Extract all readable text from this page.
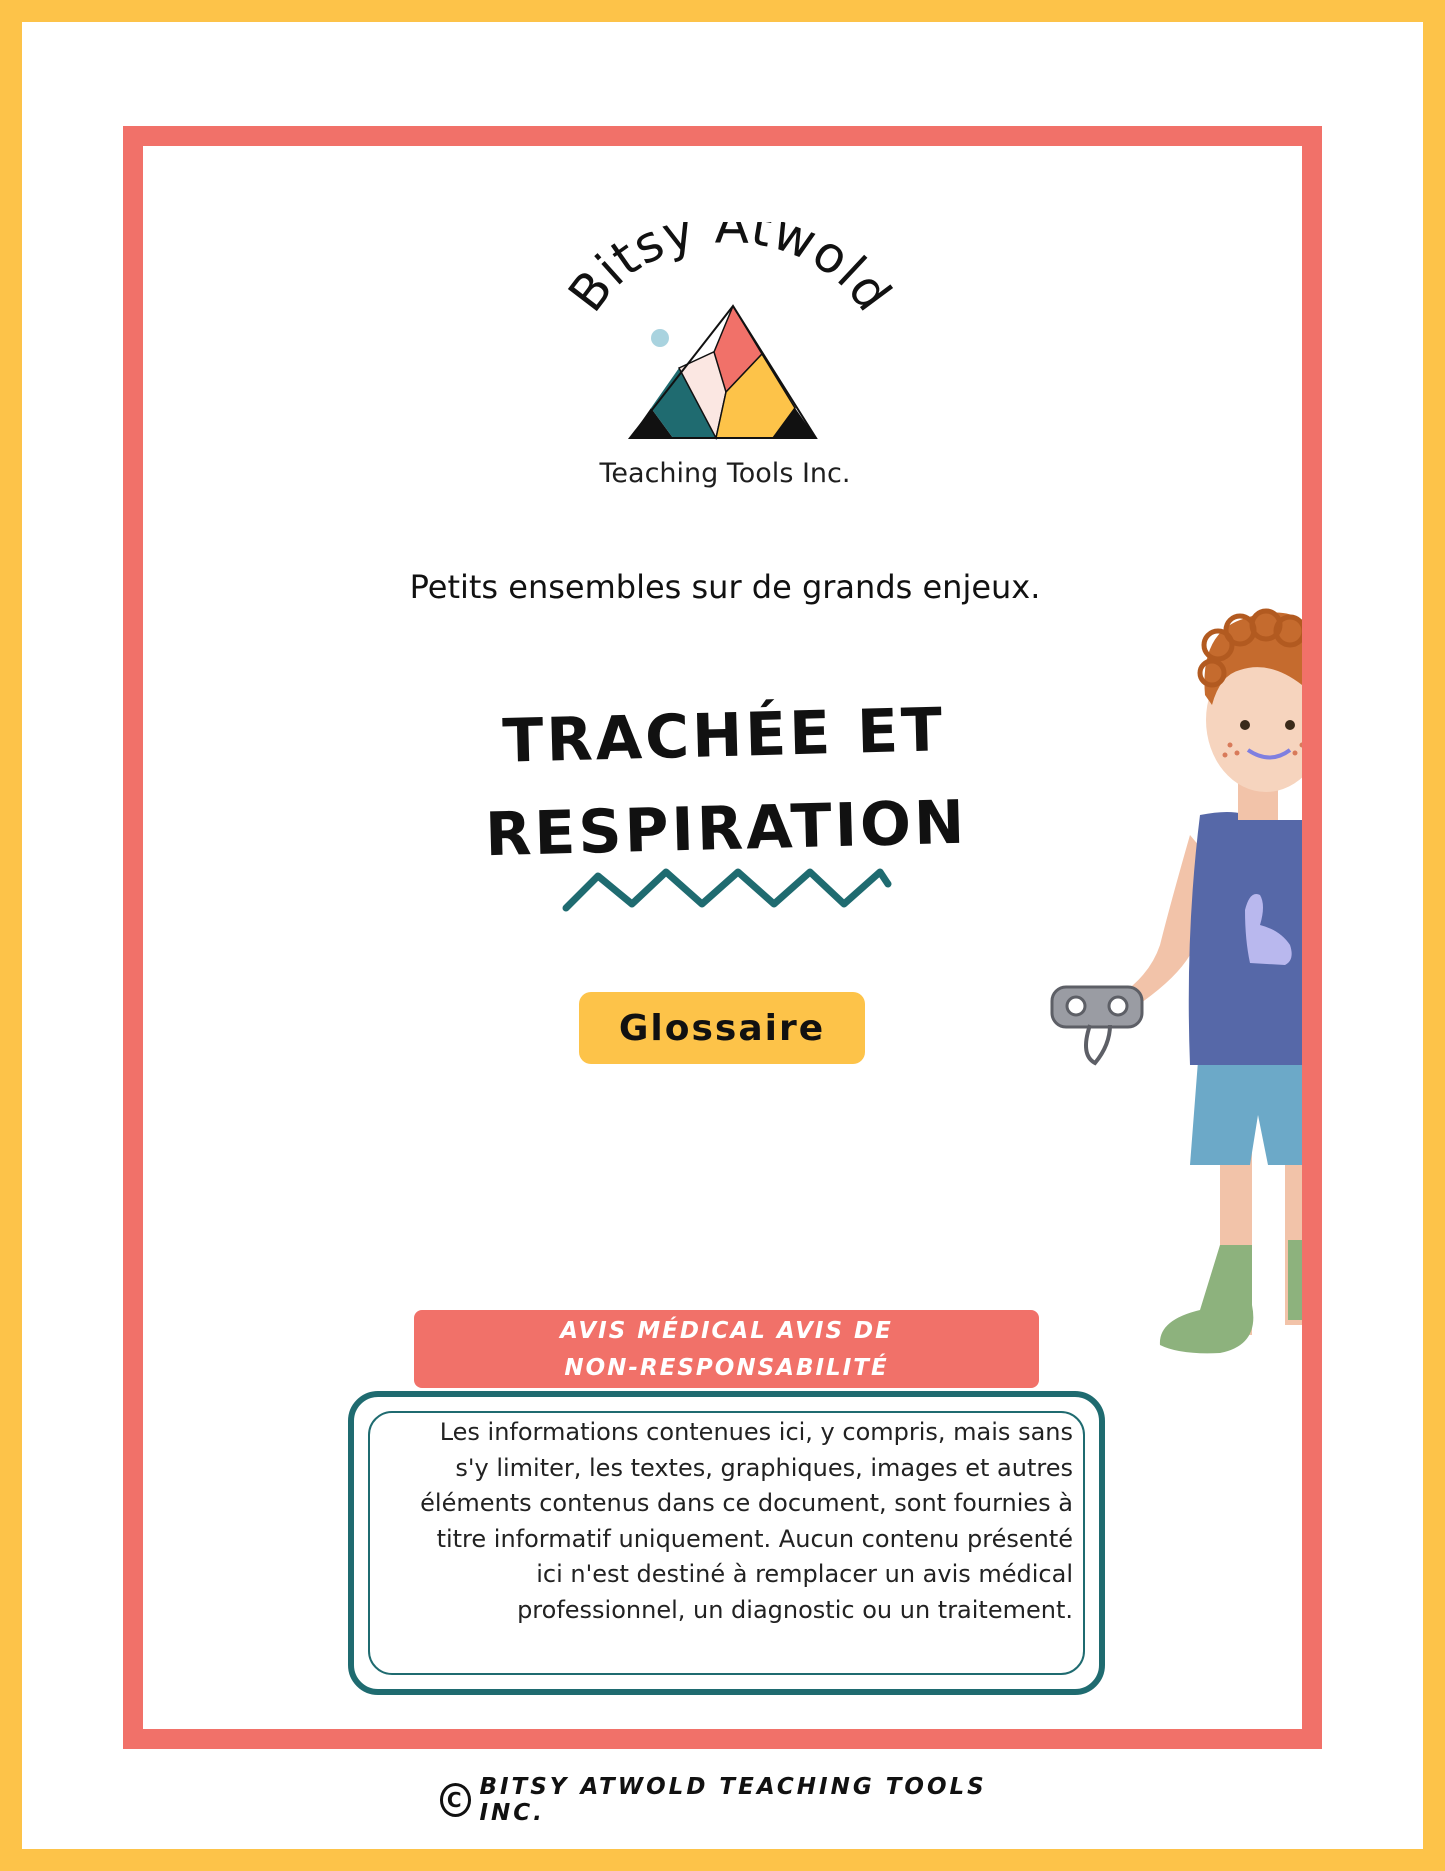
Bitsy Atwold
Teaching Tools Inc.
Petits ensembles sur de grands enjeux.
TRACHÉE ET
RESPIRATION
Glossaire
AVIS MÉDICAL AVIS DE
NON-RESPONSABILITÉ
Les informations contenues ici, y compris, mais sans s'y limiter, les textes, graphiques, images et autres éléments contenus dans ce document, sont fournies à titre informatif uniquement. Aucun contenu présenté ici n'est destiné à remplacer un avis médical professionnel, un diagnostic ou un traitement.
C BITSY ATWOLD TEACHING TOOLS INC.
